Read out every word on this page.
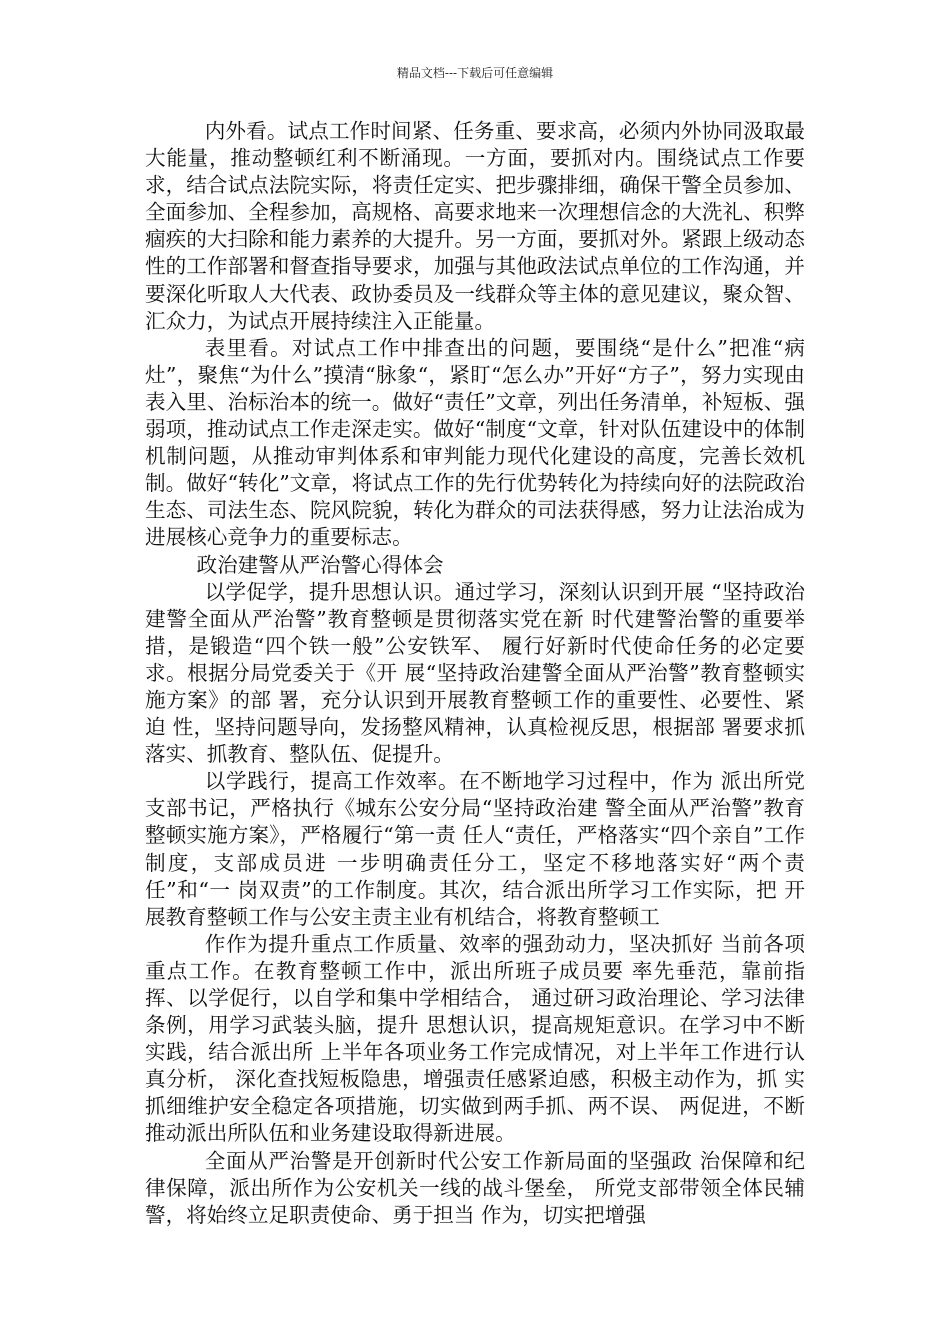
精品文档---下载后可任意编辑

内外看。试点工作时间紧、任务重、要求高，必须内外协同汲取最大能量，推动整顿红利不断涌现。一方面，要抓对内。围绕试点工作要求，结合试点法院实际，将责任定实、把步骤排细，确保干警全员参加、全面参加、全程参加，高规格、高要求地来一次理想信念的大洗礼、积弊痼疾的大扫除和能力素养的大提升。另一方面，要抓对外。紧跟上级动态性的工作部署和督查指导要求，加强与其他政法试点单位的工作沟通，并要深化听取人大代表、政协委员及一线群众等主体的意见建议，聚众智、汇众力，为试点开展持续注入正能量。

表里看。对试点工作中排查出的问题，要围绕“是什么”把准“病灶”，聚焦“为什么”摸清“脉象“，紧盯“怎么办”开好“方子”，努力实现由表入里、治标治本的统一。做好“责任”文章，列出任务清单，补短板、强弱项，推动试点工作走深走实。做好“制度“文章，针对队伍建设中的体制机制问题，从推动审判体系和审判能力现代化建设的高度，完善长效机制。做好“转化”文章，将试点工作的先行优势转化为持续向好的法院政治生态、司法生态、院风院貌，转化为群众的司法获得感，努力让法治成为进展核心竞争力的重要标志。

政治建警从严治警心得体会

以学促学，提升思想认识。通过学习，深刻认识到开展 “坚持政治建警全面从严治警”教育整顿是贯彻落实党在新 时代建警治警的重要举措，是锻造“四个铁一般”公安铁军、 履行好新时代使命任务的必定要求。根据分局党委关于《开 展“坚持政治建警全面从严治警”教育整顿实施方案》的部 署，充分认识到开展教育整顿工作的重要性、必要性、紧迫 性，坚持问题导向，发扬整风精神，认真检视反思，根据部 署要求抓落实、抓教育、整队伍、促提升。

以学践行，提高工作效率。在不断地学习过程中，作为 派出所党支部书记，严格执行《城东公安分局“坚持政治建 警全面从严治警”教育整顿实施方案》，严格履行“第一责 任人“责任，严格落实“四个亲自”工作制度，支部成员进 一步明确责任分工，坚定不移地落实好“两个责任”和“一 岗双责”的工作制度。其次，结合派出所学习工作实际，把 开展教育整顿工作与公安主责主业有机结合，将教育整顿工

作作为提升重点工作质量、效率的强劲动力，坚决抓好 当前各项重点工作。在教育整顿工作中，派出所班子成员要 率先垂范，靠前指挥、以学促行，以自学和集中学相结合， 通过研习政治理论、学习法律条例，用学习武装头脑，提升 思想认识，提高规矩意识。在学习中不断实践，结合派出所 上半年各项业务工作完成情况，对上半年工作进行认真分析， 深化查找短板隐患，增强责任感紧迫感，积极主动作为，抓 实抓细维护安全稳定各项措施，切实做到两手抓、两不误、 两促进，不断推动派出所队伍和业务建设取得新进展。

全面从严治警是开创新时代公安工作新局面的坚强政 治保障和纪律保障，派出所作为公安机关一线的战斗堡垒， 所党支部带领全体民辅警，将始终立足职责使命、勇于担当 作为，切实把增强
